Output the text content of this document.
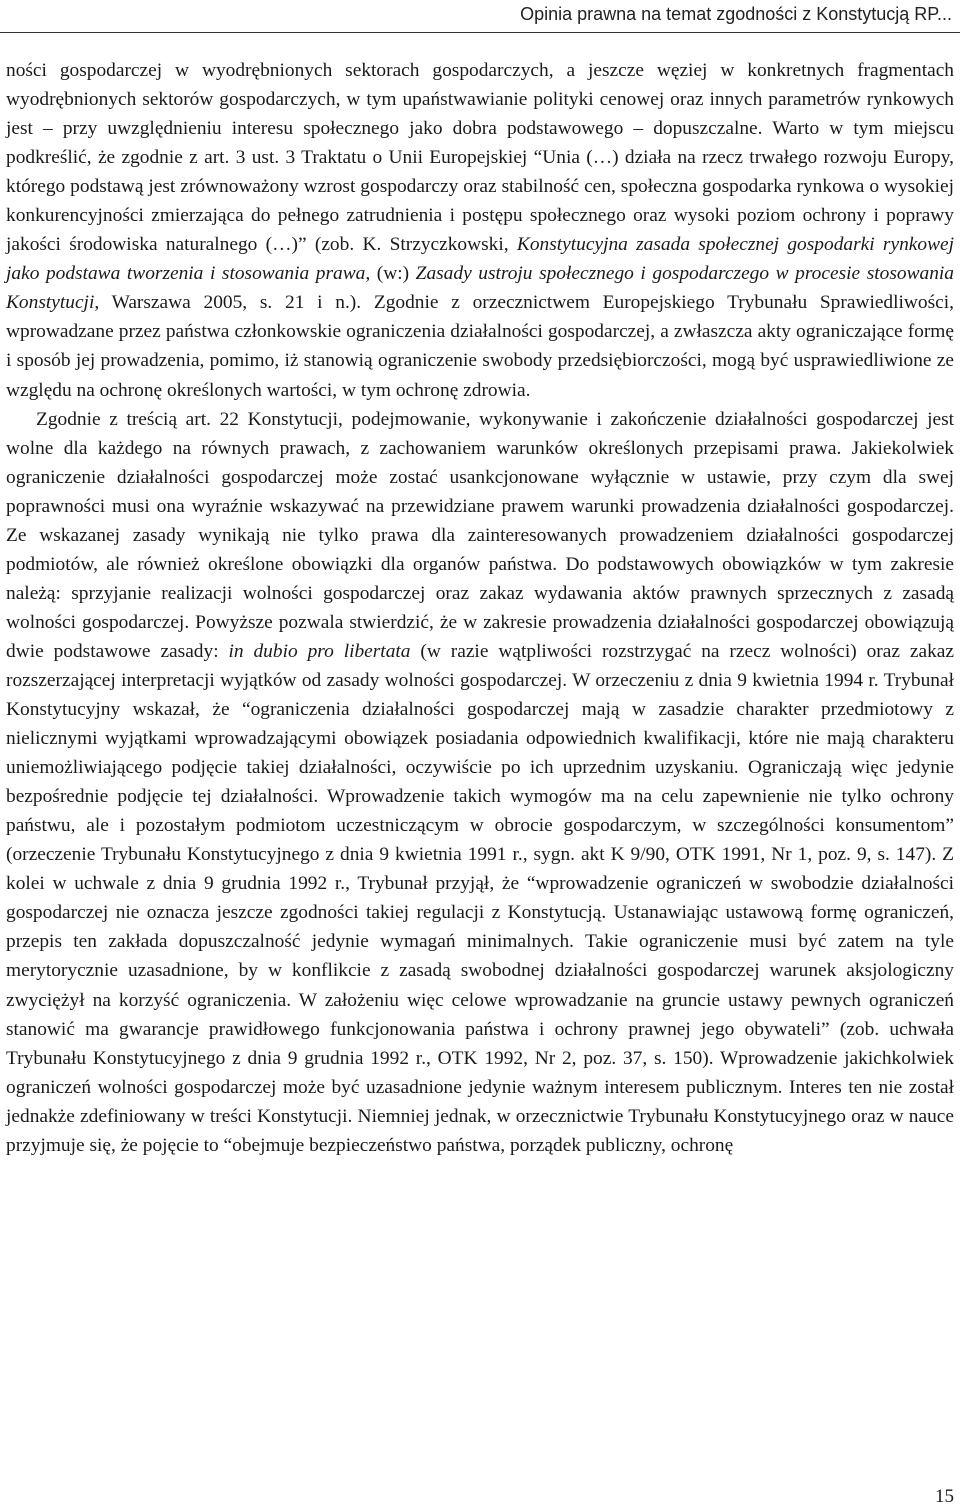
Opinia prawna na temat zgodności z Konstytucją RP...

ności gospodarczej w wyodrębnionych sektorach gospodarczych, a jeszcze węziej w konkretnych fragmentach wyodrębnionych sektorów gospodarczych, w tym upaństwawianie polityki cenowej oraz innych parametrów rynkowych jest – przy uwzględnieniu interesu społecznego jako dobra podstawowego – dopuszczalne. Warto w tym miejscu podkreślić, że zgodnie z art. 3 ust. 3 Traktatu o Unii Europejskiej “Unia (…) działa na rzecz trwałego rozwoju Europy, którego podstawą jest zrównoważony wzrost gospodarczy oraz stabilność cen, społeczna gospodarka rynkowa o wysokiej konkurencyjności zmierzająca do pełnego zatrudnienia i postępu społecznego oraz wysoki poziom ochrony i poprawy jakości środowiska naturalnego (…)” (zob. K. Strzyczkowski, Konstytucyjna zasada społecznej gospodarki rynkowej jako podstawa tworzenia i stosowania prawa, (w:) Zasady ustroju społecznego i gospodarczego w procesie stosowania Konstytucji, Warszawa 2005, s. 21 i n.). Zgodnie z orzecznictwem Europejskiego Trybunału Sprawiedliwości, wprowadzane przez państwa członkowskie ograniczenia działalności gospodarczej, a zwłaszcza akty ograniczające formę i sposób jej prowadzenia, pomimo, iż stanowią ograniczenie swobody przedsiębiorczości, mogą być usprawiedliwione ze względu na ochronę określonych wartości, w tym ochronę zdrowia.

Zgodnie z treścią art. 22 Konstytucji, podejmowanie, wykonywanie i zakończenie działalności gospodarczej jest wolne dla każdego na równych prawach, z zachowaniem warunków określonych przepisami prawa. Jakiekolwiek ograniczenie działalności gospodarczej może zostać usankcjonowane wyłącznie w ustawie, przy czym dla swej poprawności musi ona wyraźnie wskazywać na przewidziane prawem warunki prowadzenia działalności gospodarczej. Ze wskazanej zasady wynikają nie tylko prawa dla zainteresowanych prowadzeniem działalności gospodarczej podmiotów, ale również określone obowiązki dla organów państwa. Do podstawowych obowiązków w tym zakresie należą: sprzyjanie realizacji wolności gospodarczej oraz zakaz wydawania aktów prawnych sprzecznych z zasadą wolności gospodarczej. Powyższe pozwala stwierdzić, że w zakresie prowadzenia działalności gospodarczej obowiązują dwie podstawowe zasady: in dubio pro libertata (w razie wątpliwości rozstrzygać na rzecz wolności) oraz zakaz rozszerzającej interpretacji wyjątków od zasady wolności gospodarczej. W orzeczeniu z dnia 9 kwietnia 1994 r. Trybunał Konstytucyjny wskazał, że “ograniczenia działalności gospodarczej mają w zasadzie charakter przedmiotowy z nielicznymi wyjątkami wprowadzającymi obowiązek posiadania odpowiednich kwalifikacji, które nie mają charakteru uniemożliwiającego podjęcie takiej działalności, oczywiście po ich uprzednim uzyskaniu. Ograniczają więc jedynie bezpośrednie podjęcie tej działalności. Wprowadzenie takich wymogów ma na celu zapewnienie nie tylko ochrony państwu, ale i pozostałym podmiotom uczestniczącym w obrocie gospodarczym, w szczególności konsumentom” (orzeczenie Trybunału Konstytucyjnego z dnia 9 kwietnia 1991 r., sygn. akt K 9/90, OTK 1991, Nr 1, poz. 9, s. 147). Z kolei w uchwale z dnia 9 grudnia 1992 r., Trybunał przyjął, że “wprowadzenie ograniczeń w swobodzie działalności gospodarczej nie oznacza jeszcze zgodności takiej regulacji z Konstytucją. Ustanawiając ustawową formę ograniczeń, przepis ten zakłada dopuszczalność jedynie wymagań minimalnych. Takie ograniczenie musi być zatem na tyle merytorycznie uzasadnione, by w konflikcie z zasadą swobodnej działalności gospodarczej warunek aksjologiczny zwyciężył na korzyść ograniczenia. W założeniu więc celowe wprowadzanie na gruncie ustawy pewnych ograniczeń stanowić ma gwarancje prawidłowego funkcjonowania państwa i ochrony prawnej jego obywateli” (zob. uchwała Trybunału Konstytucyjnego z dnia 9 grudnia 1992 r., OTK 1992, Nr 2, poz. 37, s. 150). Wprowadzenie jakichkolwiek ograniczeń wolności gospodarczej może być uzasadnione jedynie ważnym interesem publicznym. Interes ten nie został jednakże zdefiniowany w treści Konstytucji. Niemniej jednak, w orzecznictwie Trybunału Konstytucyjnego oraz w nauce przyjmuje się, że pojęcie to “obejmuje bezpieczeństwo państwa, porządek publiczny, ochronę

15
